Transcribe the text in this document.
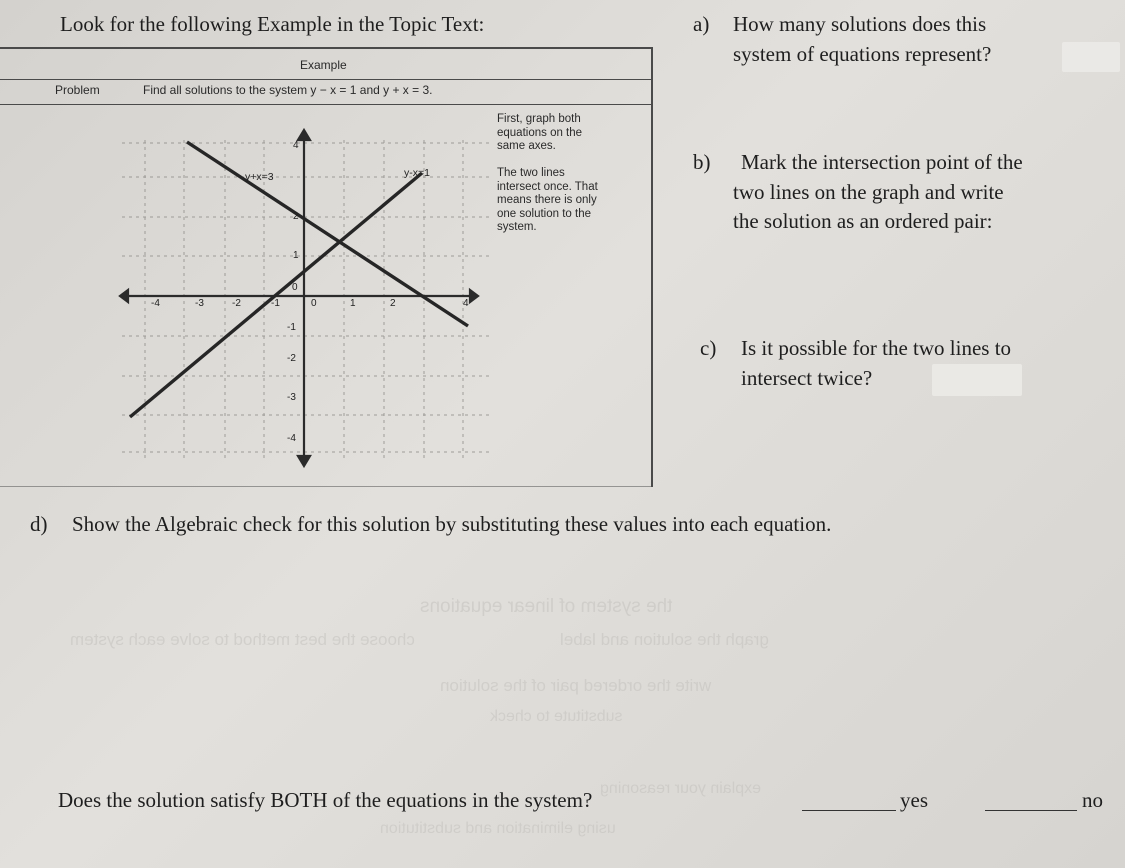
Look for the following Example in the Topic Text:
Example
Problem	Find all solutions to the system y − x = 1 and y + x = 3.
First, graph both
equations on the
same axes.
The two lines
intersect once. That
means there is only
one solution to the
system.
-4	-3	-2	-1	0	1	2	4
4
2
1
0
-1
-2
-3
-4
y+x=3	y-x=1
a) How many solutions does this
system of equations represent?
b) Mark the intersection point of the
two lines on the graph and write
the solution as an ordered pair:
c) Is it possible for the two lines to
intersect twice?
d) Show the Algebraic check for this solution by substituting these values into each equation.
the system of linear equations
choose the best method to solve each system	graph the solution and label
write the ordered pair of the solution
substitute to check
explain your reasoning
using elimination and substitution
Does the solution satisfy BOTH of the equations in the system?	yes	no
